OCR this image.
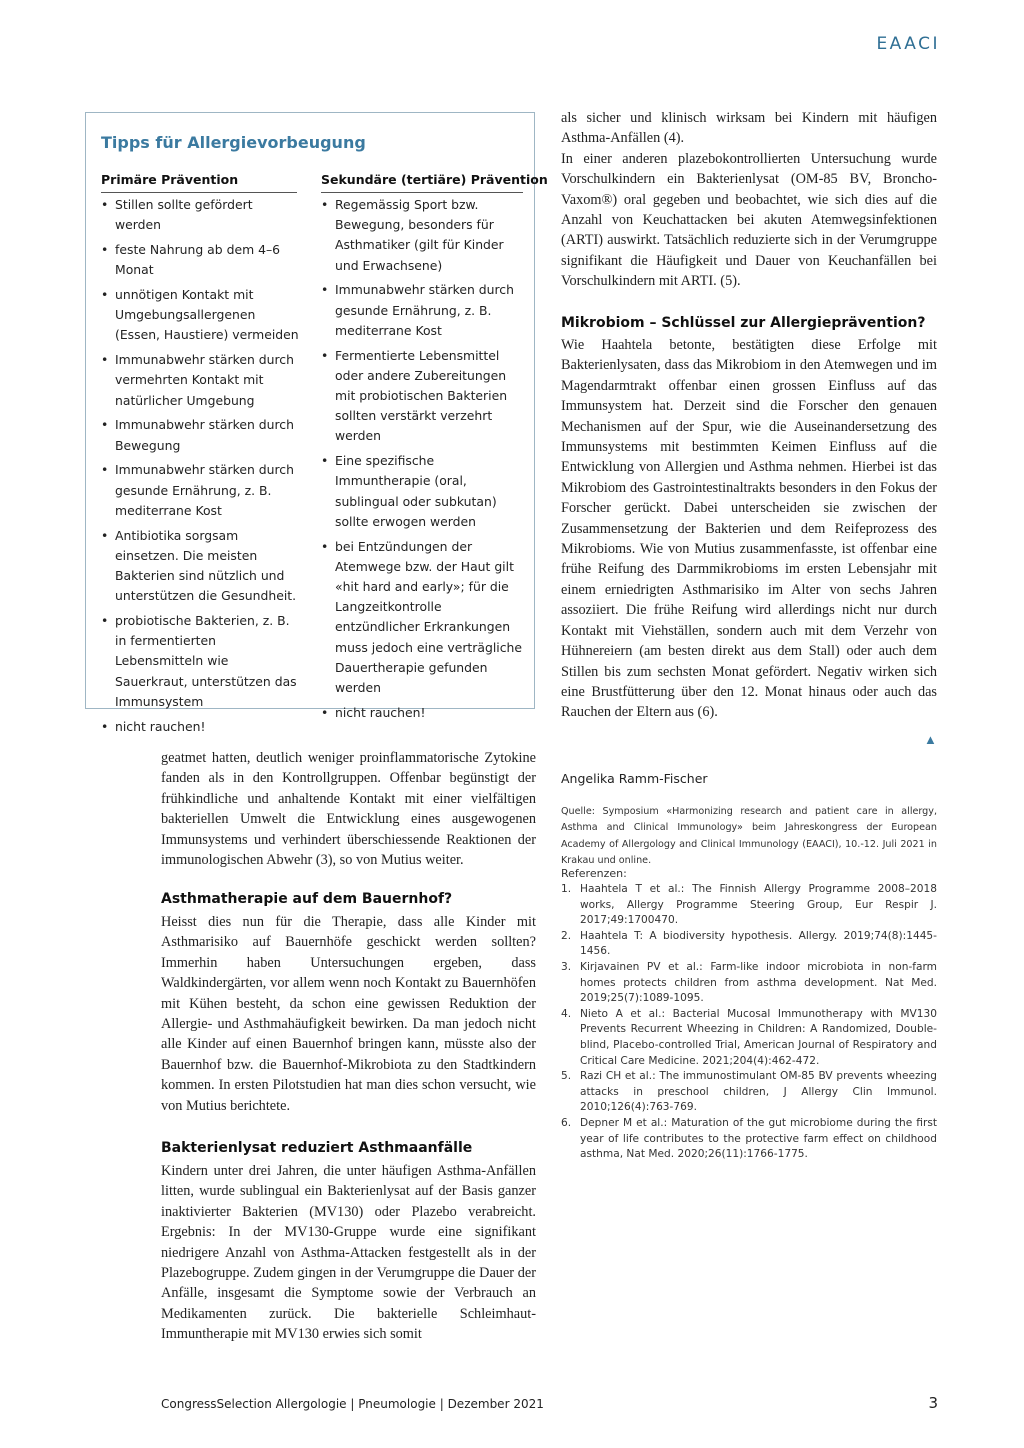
EAACI
Tipps für Allergievorbeugung
Primäre Prävention	Sekundäre (tertiäre) Prävention
• Stillen sollte gefördert werden
• feste Nahrung ab dem 4–6 Monat
• unnötigen Kontakt mit Umgebungsallergenen (Essen, Haustiere) vermeiden
• Immunabwehr stärken durch vermehrten Kontakt mit natürlicher Umgebung
• Immunabwehr stärken durch Bewegung
• Immunabwehr stärken durch gesunde Ernährung, z. B. mediterrane Kost
• Antibiotika sorgsam einsetzen. Die meisten Bakterien sind nützlich und unterstützen die Gesundheit.
• probiotische Bakterien, z. B. in fermentierten Lebensmitteln wie Sauerkraut, unterstützen das Immunsystem
• nicht rauchen!
• Regemässig Sport bzw. Bewegung, besonders für Asthmatiker (gilt für Kinder und Erwachsene)
• Immunabwehr stärken durch gesunde Ernährung, z. B. mediterrane Kost
• Fermentierte Lebensmittel oder andere Zubereitungen mit probiotischen Bakterien sollten verstärkt verzehrt werden
• Eine spezifische Immuntherapie (oral, sublingual oder subkutan) sollte erwogen werden
• bei Entzündungen der Atemwege bzw. der Haut gilt «hit hard and early»; für die Langzeitkontrolle entzündlicher Erkrankungen muss jedoch eine verträgliche Dauertherapie gefunden werden
• nicht rauchen!

geatmet hatten, deutlich weniger proinflammatorische Zytokine fanden als in den Kontrollgruppen. Offenbar begünstigt der frühkindliche und anhaltende Kontakt mit einer vielfältigen bakteriellen Umwelt die Entwicklung eines ausgewogenen Immunsystems und verhindert überschiessende Reaktionen der immunologischen Abwehr (3), so von Mutius weiter.

Asthmatherapie auf dem Bauernhof?

Heisst dies nun für die Therapie, dass alle Kinder mit Asthmarisiko auf Bauernhöfe geschickt werden sollten? Immerhin haben Untersuchungen ergeben, dass Waldkindergärten, vor allem wenn noch Kontakt zu Bauernhöfen mit Kühen besteht, da schon eine gewissen Reduktion der Allergie- und Asthmahäufigkeit bewirken. Da man jedoch nicht alle Kinder auf einen Bauernhof bringen kann, müsste also der Bauernhof bzw. die Bauernhof-Mikrobiota zu den Stadtkindern kommen. In ersten Pilotstudien hat man dies schon versucht, wie von Mutius berichtete.

Bakterienlysat reduziert Asthmaanfälle

Kindern unter drei Jahren, die unter häufigen Asthma-Anfällen litten, wurde sublingual ein Bakterienlysat auf der Basis ganzer inaktivierter Bakterien (MV130) oder Plazebo verabreicht. Ergebnis: In der MV130-Gruppe wurde eine signifikant niedrigere Anzahl von Asthma-Attacken festgestellt als in der Plazebogruppe. Zudem gingen in der Verumgruppe die Dauer der Anfälle, insgesamt die Symptome sowie der Verbrauch an Medikamenten zurück. Die bakterielle Schleimhaut-Immuntherapie mit MV130 erwies sich somit

als sicher und klinisch wirksam bei Kindern mit häufigen Asthma-Anfällen (4).
In einer anderen plazebokontrollierten Untersuchung wurde Vorschulkindern ein Bakterienlysat (OM-85 BV, Broncho-Vaxom®) oral gegeben und beobachtet, wie sich dies auf die Anzahl von Keuchattacken bei akuten Atemwegsinfektionen (ARTI) auswirkt. Tatsächlich reduzierte sich in der Verumgruppe signifikant die Häufigkeit und Dauer von Keuchanfällen bei Vorschulkindern mit ARTI. (5).
Mikrobiom – Schlüssel zur Allergieprävention?

Wie Haahtela betonte, bestätigten diese Erfolge mit Bakterienlysaten, dass das Mikrobiom in den Atemwegen und im Magendarmtrakt offenbar einen grossen Einfluss auf das Immunsystem hat. Derzeit sind die Forscher den genauen Mechanismen auf der Spur, wie die Auseinandersetzung des Immunsystems mit bestimmten Keimen Einfluss auf die Entwicklung von Allergien und Asthma nehmen. Hierbei ist das Mikrobiom des Gastrointestinaltrakts besonders in den Fokus der Forscher gerückt. Dabei unterscheiden sie zwischen der Zusammensetzung der Bakterien und dem Reifeprozess des Mikrobioms. Wie von Mutius zusammenfasste, ist offenbar eine frühe Reifung des Darmmikrobioms im ersten Lebensjahr mit einem erniedrigten Asthmarisiko im Alter von sechs Jahren assoziiert. Die frühe Reifung wird allerdings nicht nur durch Kontakt mit Viehställen, sondern auch mit dem Verzehr von Hühnereiern (am besten direkt aus dem Stall) oder auch dem Stillen bis zum sechsten Monat gefördert. Negativ wirken sich eine Brustfütterung über den 12. Monat hinaus oder auch das Rauchen der Eltern aus (6).

▲
Angelika Ramm-Fischer
Quelle: Symposium «Harmonizing research and patient care in allergy, Asthma and Clinical Immunology» beim Jahreskongress der European Academy of Allergology and Clinical Immunology (EAACI), 10.-12. Juli 2021 in Krakau und online.
Referenzen:
1. Haahtela T et al.: The Finnish Allergy Programme 2008–2018 works, Allergy Programme Steering Group, Eur Respir J. 2017;49:1700470.
2. Haahtela T: A biodiversity hypothesis. Allergy. 2019;74(8):1445-1456.
3. Kirjavainen PV et al.: Farm-like indoor microbiota in non-farm homes protects children from asthma development. Nat Med. 2019;25(7):1089-1095.
4. Nieto A et al.: Bacterial Mucosal Immunotherapy with MV130 Prevents Recurrent Wheezing in Children: A Randomized, Double-blind, Placebo-controlled Trial, American Journal of Respiratory and Critical Care Medicine. 2021;204(4):462-472.
5. Razi CH et al.: The immunostimulant OM-85 BV prevents wheezing attacks in preschool children, J Allergy Clin Immunol. 2010;126(4):763-769.
6. Depner M et al.: Maturation of the gut microbiome during the first year of life contributes to the protective farm effect on childhood asthma, Nat Med. 2020;26(11):1766-1775.
CongressSelection Allergologie | Pneumologie | Dezember 2021	3
